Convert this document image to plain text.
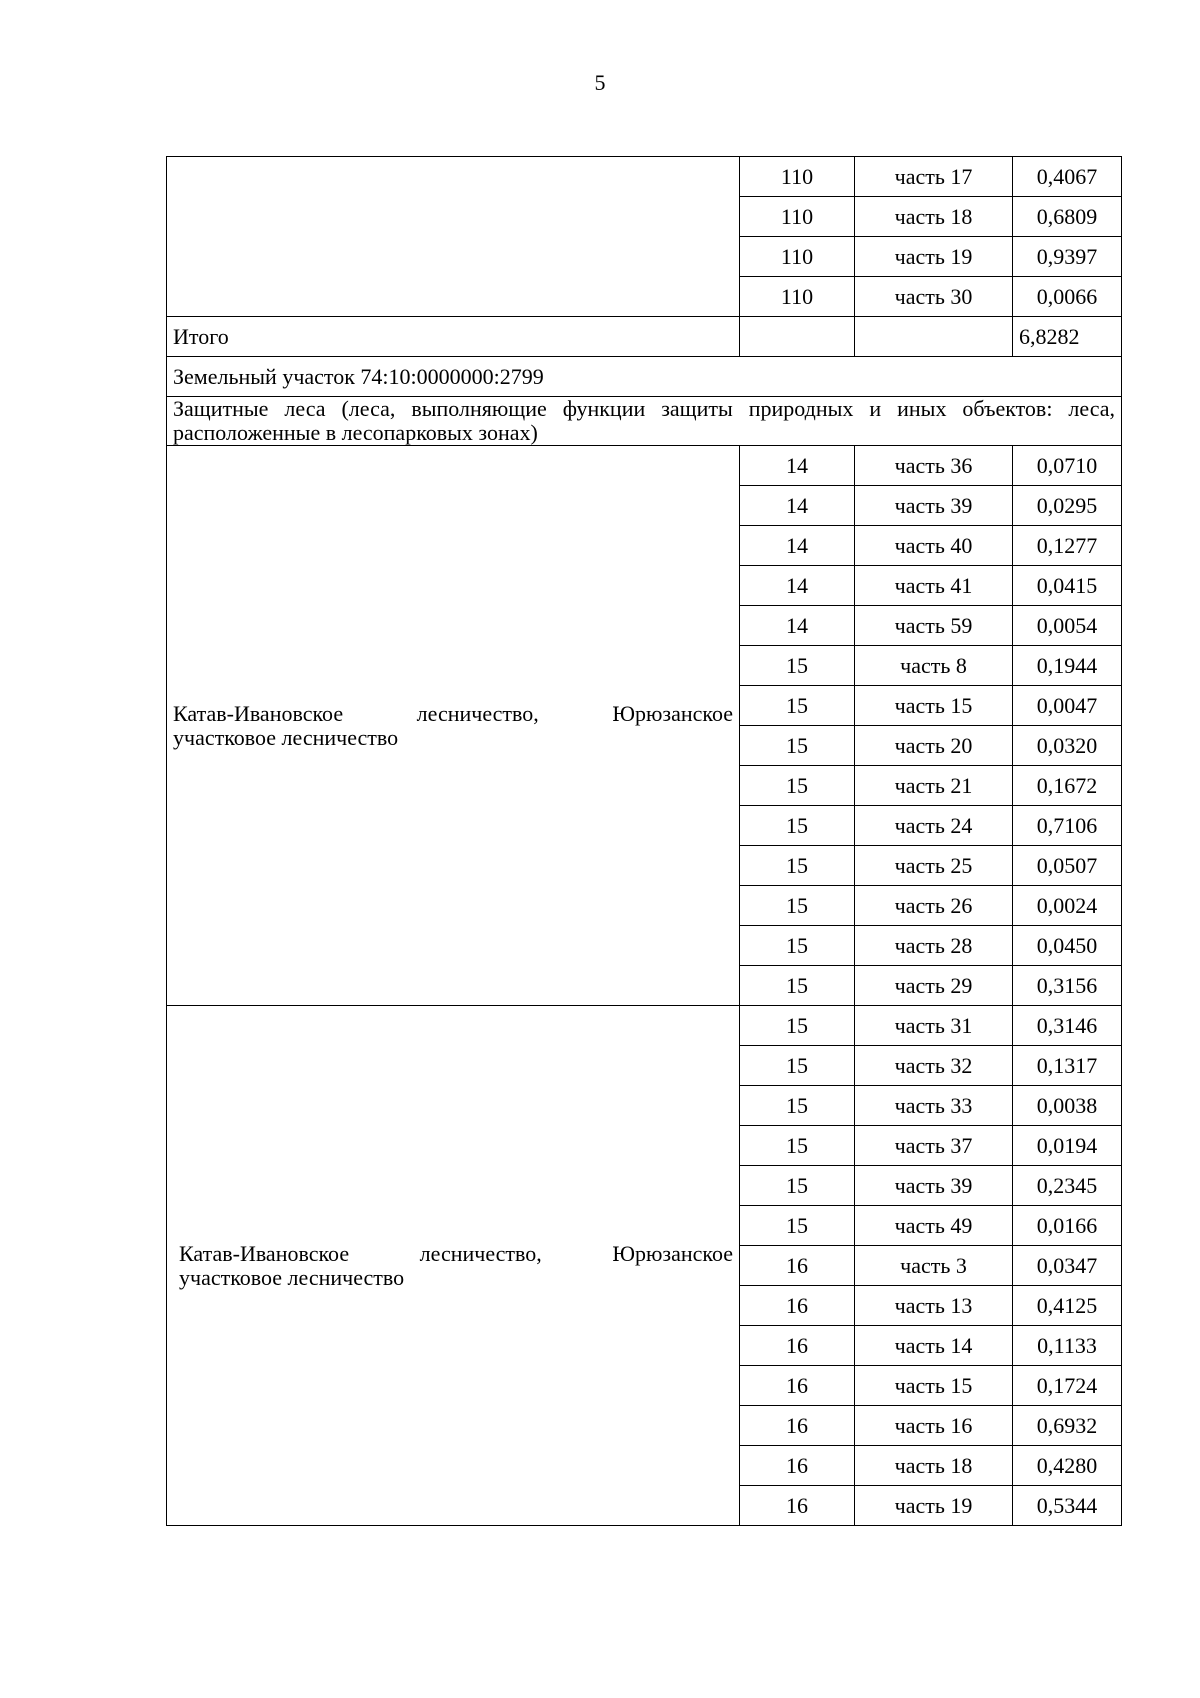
5
	110	часть 17	0,4067
	110	часть 18	0,6809
	110	часть 19	0,9397
	110	часть 30	0,0066
Итого			6,8282
Земельный участок 74:10:0000000:2799			
Защитные леса (леса, выполняющие функции защиты природных и иных объектов: леса, расположенные в лесопарковых зонах)			

Катав-Ивановское лесничество, Юрюзанское
участковое лесничество	14	часть 36	0,0710
	14	часть 39	0,0295
	14	часть 40	0,1277
	14	часть 41	0,0415
	14	часть 59	0,0054
	15	часть 8	0,1944
	15	часть 15	0,0047
	15	часть 20	0,0320
	15	часть 21	0,1672
	15	часть 24	0,7106
	15	часть 25	0,0507
	15	часть 26	0,0024
	15	часть 28	0,0450
	15	часть 29	0,3156

Катав-Ивановское лесничество, Юрюзанское
участковое лесничество	15	часть 31	0,3146
	15	часть 32	0,1317
	15	часть 33	0,0038
	15	часть 37	0,0194
	15	часть 39	0,2345
	15	часть 49	0,0166
	16	часть 3	0,0347
	16	часть 13	0,4125
	16	часть 14	0,1133
	16	часть 15	0,1724
	16	часть 16	0,6932
	16	часть 18	0,4280
	16	часть 19	0,5344
